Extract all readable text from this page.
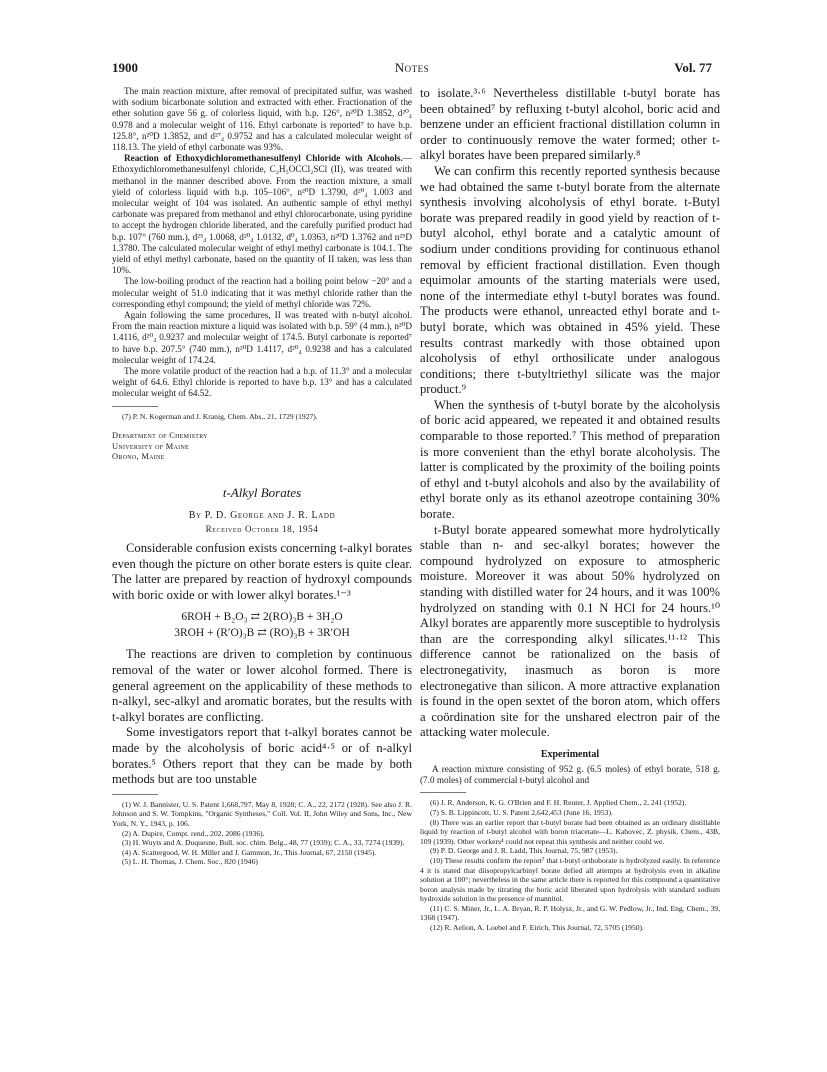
1900	Notes	Vol. 77

The main reaction mixture, after removal of precipitated sulfur, was washed with sodium bicarbonate solution and extracted with ether. Fractionation of the ether solution gave 56 g. of colorless liquid, with b.p. 126°, n²⁰D 1.3852, d²⁰₄ 0.978 and a molecular weight of 116. Ethyl carbonate is reported⁷ to have b.p. 125.8°, n²⁰D 1.3852, and d²⁷₄ 0.9752 and has a calculated molecular weight of 118.13. The yield of ethyl carbonate was 93%.

Reaction of Ethoxydichloromethanesulfenyl Chloride with Alcohols.—Ethoxydichloromethanesulfenyl chloride, C₂H₅OCCl₂SCl (II), was treated with methanol in the manner described above. From the reaction mixture, a small yield of colorless liquid with b.p. 105–106°, n²⁰D 1.3790, d²⁰₄ 1.003 and molecular weight of 104 was isolated. An authentic sample of ethyl methyl carbonate was prepared from methanol and ethyl chlorocarbonate, using pyridine to accept the hydrogen chloride liberated, and the carefully purified product had b.p. 107° (760 mm.), d²⁵₄ 1.0068, d²⁰₄ 1.0132, d⁰₄ 1.0363, n²⁰D 1.3762 and n²⁵D 1.3780. The calculated molecular weight of ethyl methyl carbonate is 104.1. The yield of ethyl methyl carbonate, based on the quantity of II taken, was less than 10%.

The low-boiling product of the reaction had a boiling point below −20° and a molecular weight of 51.0 indicating that it was methyl chloride rather than the corresponding ethyl compound; the yield of methyl chloride was 72%.

Again following the same procedures, II was treated with n-butyl alcohol. From the main reaction mixture a liquid was isolated with b.p. 59° (4 mm.), n²⁰D 1.4116, d²⁰₄ 0.9237 and molecular weight of 174.5. Butyl carbonate is reported⁷ to have b.p. 207.5° (740 mm.), n²⁰D 1.4117, d²⁰₄ 0.9238 and has a calculated molecular weight of 174.24.

The more volatile product of the reaction had a b.p. of 11.3° and a molecular weight of 64.6. Ethyl chloride is reported to have b.p. 13° and has a calculated molecular weight of 64.52.

(7) P. N. Kogerman and J. Kranig, Chem. Abs., 21, 1729 (1927).

Department of Chemistry
University of Maine
Orono, Maine
t-Alkyl Borates
By P. D. George and J. R. Ladd
Received October 18, 1954

Considerable confusion exists concerning t-alkyl borates even though the picture on other borate esters is quite clear. The latter are prepared by reaction of hydroxyl compounds with boric oxide or with lower alkyl borates.¹⁻³

6ROH + B₂O₃ ⇄ 2(RO)₃B + 3H₂O
3ROH + (R′O)₃B ⇄ (RO)₃B + 3R′OH

The reactions are driven to completion by continuous removal of the water or lower alcohol formed. There is general agreement on the applicability of these methods to n-alkyl, sec-alkyl and aromatic borates, but the results with t-alkyl borates are conflicting.

Some investigators report that t-alkyl borates cannot be made by the alcoholysis of boric acid⁴·⁵ or of n-alkyl borates.⁵ Others report that they can be made by both methods but are too unstable

(1) W. J. Bannister, U. S. Patent 1,668,797, May 8, 1928; C. A., 22, 2172 (1928). See also J. R. Johnson and S. W. Tompkins, "Organic Syntheses," Coll. Vol. II, John Wiley and Sons, Inc., New York, N. Y., 1943, p. 106.

(2) A. Dupire, Compt. rend., 202, 2086 (1936).

(3) H. Wuyts and A. Duquesne, Bull. soc. chim. Belg., 48, 77 (1939); C. A., 33, 7274 (1939).

(4) A. Scattergood, W. H. Miller and J. Gammon, Jr., This Journal, 67, 2150 (1945).

(5) L. H. Thomas, J. Chem. Soc., 820 (1946)

to isolate.³·⁶ Nevertheless distillable t-butyl borate has been obtained⁷ by refluxing t-butyl alcohol, boric acid and benzene under an efficient fractional distillation column in order to continuously remove the water formed; other t-alkyl borates have been prepared similarly.⁸

We can confirm this recently reported synthesis because we had obtained the same t-butyl borate from the alternate synthesis involving alcoholysis of ethyl borate. t-Butyl borate was prepared readily in good yield by reaction of t-butyl alcohol, ethyl borate and a catalytic amount of sodium under conditions providing for continuous ethanol removal by efficient fractional distillation. Even though equimolar amounts of the starting materials were used, none of the intermediate ethyl t-butyl borates was found. The products were ethanol, unreacted ethyl borate and t-butyl borate, which was obtained in 45% yield. These results contrast markedly with those obtained upon alcoholysis of ethyl orthosilicate under analogous conditions; there t-butyltriethyl silicate was the major product.⁹

When the synthesis of t-butyl borate by the alcoholysis of boric acid appeared, we repeated it and obtained results comparable to those reported.⁷ This method of preparation is more convenient than the ethyl borate alcoholysis. The latter is complicated by the proximity of the boiling points of ethyl and t-butyl alcohols and also by the availability of ethyl borate only as its ethanol azeotrope containing 30% borate.

t-Butyl borate appeared somewhat more hydrolytically stable than n- and sec-alkyl borates; however the compound hydrolyzed on exposure to atmospheric moisture. Moreover it was about 50% hydrolyzed on standing with distilled water for 24 hours, and it was 100% hydrolyzed on standing with 0.1 N HCl for 24 hours.¹⁰ Alkyl borates are apparently more susceptible to hydrolysis than are the corresponding alkyl silicates.¹¹·¹² This difference cannot be rationalized on the basis of electronegativity, inasmuch as boron is more electronegative than silicon. A more attractive explanation is found in the open sextet of the boron atom, which offers a coördination site for the unshared electron pair of the attacking water molecule.

Experimental

A reaction mixture consisting of 952 g. (6.5 moles) of ethyl borate, 518 g. (7.0 moles) of commercial t-butyl alcohol and

(6) J. R. Anderson, K. G. O'Brien and F. H. Reuter, J. Applied Chem., 2, 241 (1952).

(7) S. B. Lippincott, U. S. Patent 2,642,453 (June 16, 1953).

(8) There was an earlier report that t-butyl borate had been obtained as an ordinary distillable liquid by reaction of t-butyl alcohol with boron triacetate—L. Kahovec, Z. physik. Chem., 43B, 109 (1939). Other workers⁴ could not repeat this synthesis and neither could we.

(9) P. D. George and J. R. Ladd, This Journal, 75, 987 (1953).

(10) These results confirm the report⁷ that t-butyl orthoborate is hydrolyzed easily. In reference 4 it is stated that diisopropylcarbinyl borate defied all attempts at hydrolysis even in alkaline solution at 100°; nevertheless in the same article there is reported for this compound a quantitative boron analysis made by titrating the boric acid liberated upon hydrolysis with standard sodium hydroxide solution in the presence of mannitol.

(11) C. S. Miner, Jr., L. A. Bryan, R. P. Holysz, Jr., and G. W. Pedlow, Jr., Ind. Eng. Chem., 39, 1368 (1947).

(12) R. Aelion, A. Loebel and F. Eirich, This Journal, 72, 5705 (1950).
